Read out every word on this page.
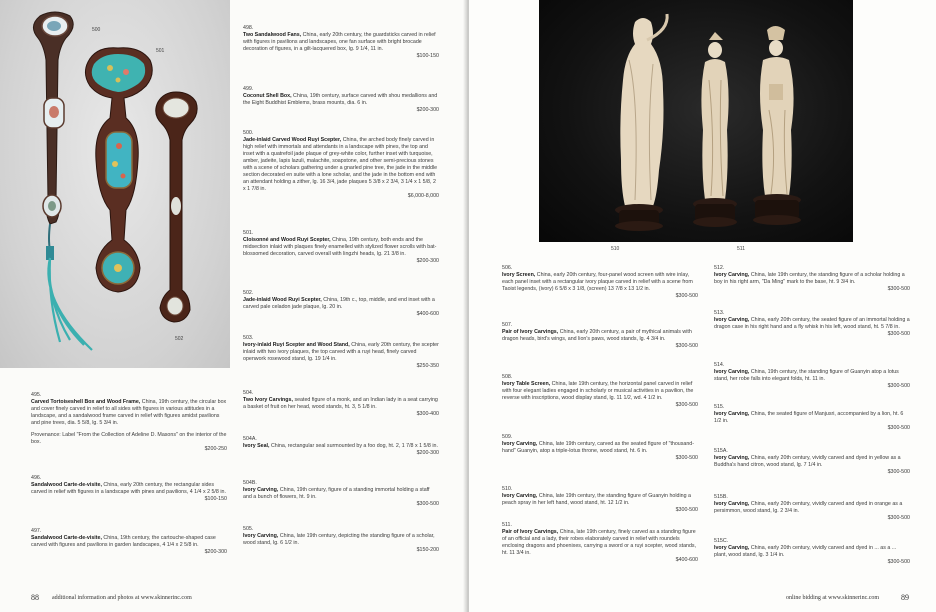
500
501
502
495.
Carved Tortoiseshell Box and Wood Frame, China, 19th century, the circular box and cover finely carved in relief to all sides with figures in various attitudes in a landscape, and a sandalwood frame carved in relief with figures amidst pavilions and pine trees, dia. 5 5/8, lg. 5 3/4 in.
Provenance: Label "From the Collection of Adeline D. Masons" on the interior of the box.
$200-250
496.
Sandalwood Carte-de-visite, China, early 20th century, the rectangular sides carved in relief with figures in a landscape with pines and pavilions, 4 1/4 x 2 5/8 in.
$100-150
497.
Sandalwood Carte-de-visite, China, 19th century, the cartouche-shaped case carved with figures and pavilions in garden landscapes, 4 1/4 x 2 5/8 in.
$200-300
498.
Two Sandalwood Fans, China, early 20th century, the guardsticks carved in relief with figures in pavilions and landscapes, one fan surface with bright brocade decoration of figures, in a gilt-lacquered box, lg. 9 1/4, 11 in.
$100-150
499.
Coconut Shell Box, China, 19th century, surface carved with shou medallions and the Eight Buddhist Emblems, brass mounts, dia. 6 in.
$200-300
500.
Jade-inlaid Carved Wood Ruyi Scepter, China, the arched body finely carved in high relief with immortals and attendants in a landscape with pines, the top and inset with a quatrefoil jade plaque of grey-white color, further inset with turquoise, amber, jadeite, lapis lazuli, malachite, soapstone, and other semi-precious stones with a scene of scholars gathering under a gnarled pine tree, the jade in the middle section decorated en suite with a lone scholar, and the jade in the bottom end with an attendant holding a zither, lg. 16 3/4, jade plaques 5 3/8 x 2 3/4, 3 1/4 x 1 5/8, 2 x 1 7/8 in.
$6,000-8,000
501.
Cloisonné and Wood Ruyi Scepter, China, 19th century, both ends and the midsection inlaid with plaques finely enamelled with stylized flower scrolls with bat-blossomed decoration, carved overall with lingzhi heads, lg. 21 3/8 in.
$200-300
502.
Jade-inlaid Wood Ruyi Scepter, China, 19th c., top, middle, and end inset with a carved pale celadon jade plaque, lg. 20 in.
$400-600
503.
Ivory-inlaid Ruyi Scepter and Wood Stand, China, early 20th century, the scepter inlaid with two ivory plaques, the top carved with a ruyi head, finely carved openwork rosewood stand, lg. 19 1/4 in.
$250-350
504.
Two Ivory Carvings, seated figure of a monk, and an Indian lady in a seat carrying a basket of fruit on her head, wood stands, ht. 3, 5 1/8 in.
$300-400
504A.
Ivory Seal, China, rectangular seal surmounted by a foo dog, ht. 2, 1 7/8 x 1 5/8 in.
$200-300
504B.
Ivory Carving, China, 19th century, figure of a standing immortal holding a staff and a bunch of flowers, ht. 9 in.
$300-500
505.
Ivory Carving, China, late 19th century, depicting the standing figure of a scholar, wood stand, lg. 6 1/2 in.
$150-200
88 additional information and photos at www.skinnerinc.com
510	511
506.
Ivory Screen, China, early 20th century, four-panel wood screen with wire inlay, each panel inset with a rectangular ivory plaque carved in relief with a scene from Taoist legends, (ivory) 6 5/8 x 3 1/8, (screen) 13 7/8 x 13 1/2 in.
$300-500
507.
Pair of Ivory Carvings, China, early 20th century, a pair of mythical animals with dragon heads, bird's wings, and lion's paws, wood stands, lg. 4 3/4 in.
$300-500
508.
Ivory Table Screen, China, late 19th century, the horizontal panel carved in relief with four elegant ladies engaged in scholarly or musical activities in a pavilion, the reverse with inscriptions, wood display stand, lg. 11 1/2, wd. 4 1/2 in.
$300-500
509.
Ivory Carving, China, late 19th century, carved as the seated figure of "thousand-hand" Guanyin, atop a triple-lotus throne, wood stand, ht. 6 in.
$300-500
510.
Ivory Carving, China, late 19th century, the standing figure of Guanyin holding a peach spray in her left hand, wood stand, ht. 12 1/2 in.
$300-500
511.
Pair of Ivory Carvings, China, late 19th century, finely carved as a standing figure of an official and a lady, their robes elaborately carved in relief with roundels enclosing dragons and phoenixes, carrying a sword or a ruyi scepter, wood stands, ht. 11 3/4 in.
$400-600
512.
Ivory Carving, China, late 19th century, the standing figure of a scholar holding a boy in his right arm, "Da Ming" mark to the base, ht. 9 3/4 in.
$300-500
513.
Ivory Carving, China, early 20th century, the seated figure of an immortal holding a dragon case in his right hand and a fly whisk in his left, wood stand, ht. 5 7/8 in.
$300-500
514.
Ivory Carving, China, 19th century, the standing figure of Guanyin atop a lotus stand, her robe falls into elegant folds, ht. 11 in.
$300-500
515.
Ivory Carving, China, the seated figure of Manjusri, accompanied by a lion, ht. 6 1/2 in.
$300-500
515A.
Ivory Carving, China, early 20th century, vividly carved and dyed in yellow as a Buddha's hand citron, wood stand, lg. 7 1/4 in.
$300-500
515B.
Ivory Carving, China, early 20th century, vividly carved and dyed in orange as a persimmon, wood stand, lg. 2 3/4 in.
$300-500
515C.
Ivory Carving, China, early 20th century, vividly carved and dyed in ... as a ... plant, wood stand, lg. 3 1/4 in.
$300-500
online bidding at www.skinnerinc.com	89
